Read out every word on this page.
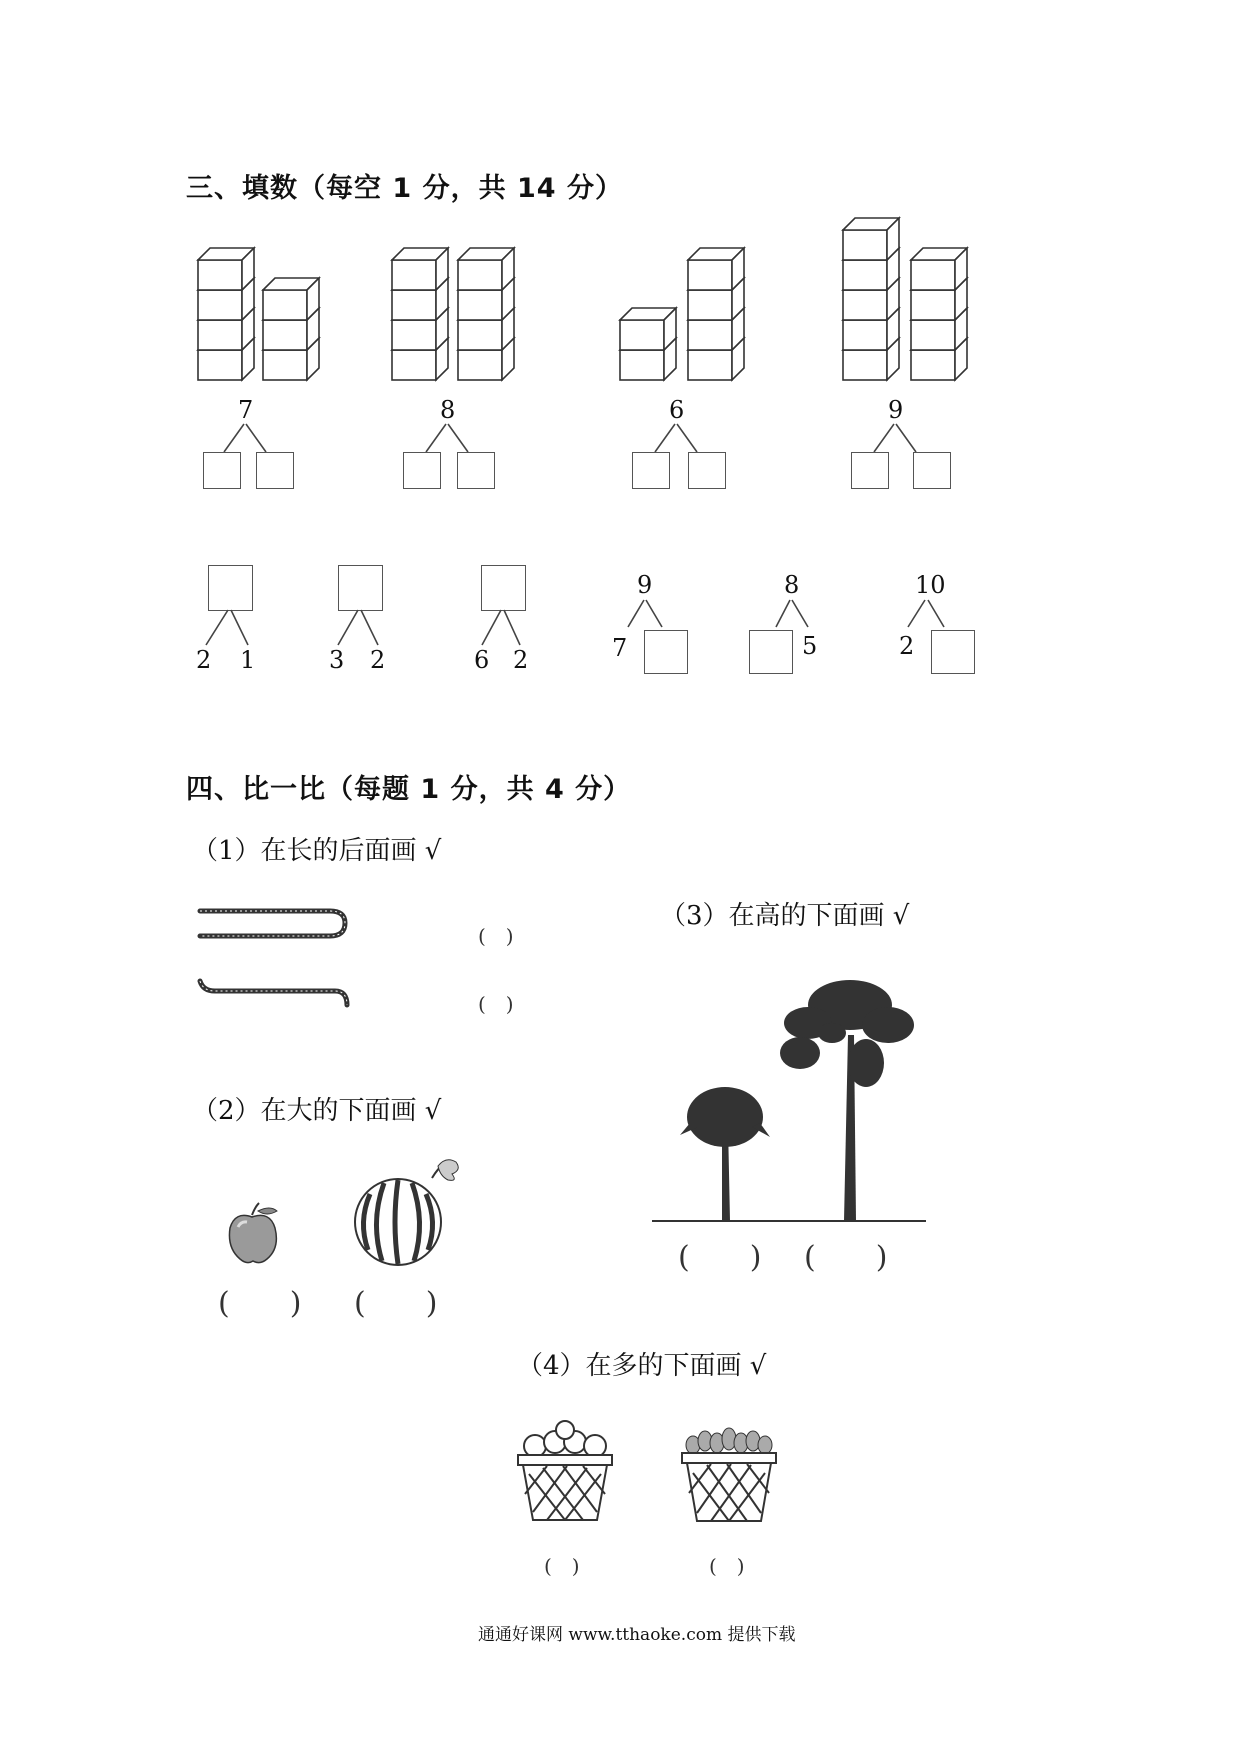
三、填数（每空 1 分，共 14 分）
7	8	6	9
2 1	3 2	6 2
9	8	10
7	5	2
四、比一比（每题 1 分，共 4 分）
（1）在长的后面画 √
(　)
(　)
（2）在大的下面画 √
(　　) (　　)
（3）在高的下面画 √
(　　) (　　)
（4）在多的下面画 √
(　)	(　)
通通好课网 www.tthaoke.com 提供下载
